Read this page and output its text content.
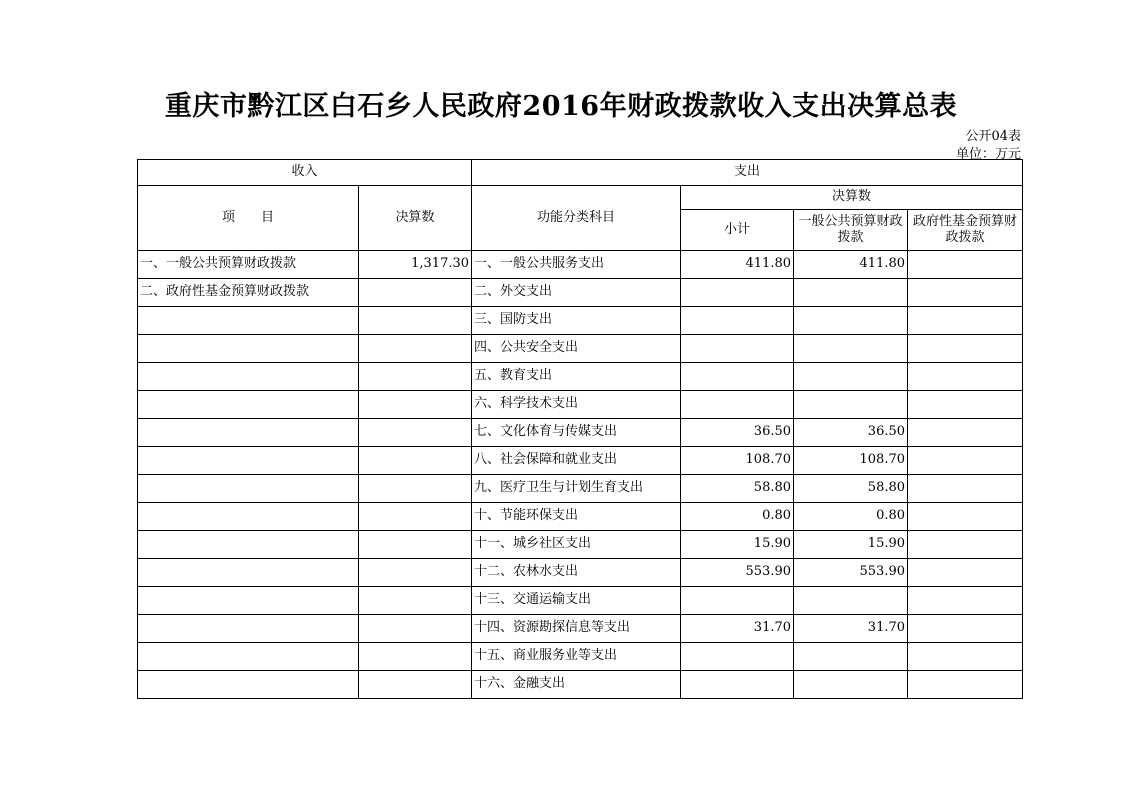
重庆市黔江区白石乡人民政府2016年财政拨款收入支出决算总表
公开04表
单位：万元
收入		支出			
项　　目	决算数	功能分类科目	决算数		
			小计	一般公共预算财政拨款	政府性基金预算财政拨款
一、一般公共预算财政拨款	1,317.30	一、一般公共服务支出	411.80	411.80	
二、政府性基金预算财政拨款		二、外交支出			
		三、国防支出			
		四、公共安全支出			
		五、教育支出			
		六、科学技术支出			
		七、文化体育与传媒支出	36.50	36.50	
		八、社会保障和就业支出	108.70	108.70	
		九、医疗卫生与计划生育支出	58.80	58.80	
		十、节能环保支出	0.80	0.80	
		十一、城乡社区支出	15.90	15.90	
		十二、农林水支出	553.90	553.90	
		十三、交通运输支出			
		十四、资源勘探信息等支出	31.70	31.70	
		十五、商业服务业等支出			
		十六、金融支出			
